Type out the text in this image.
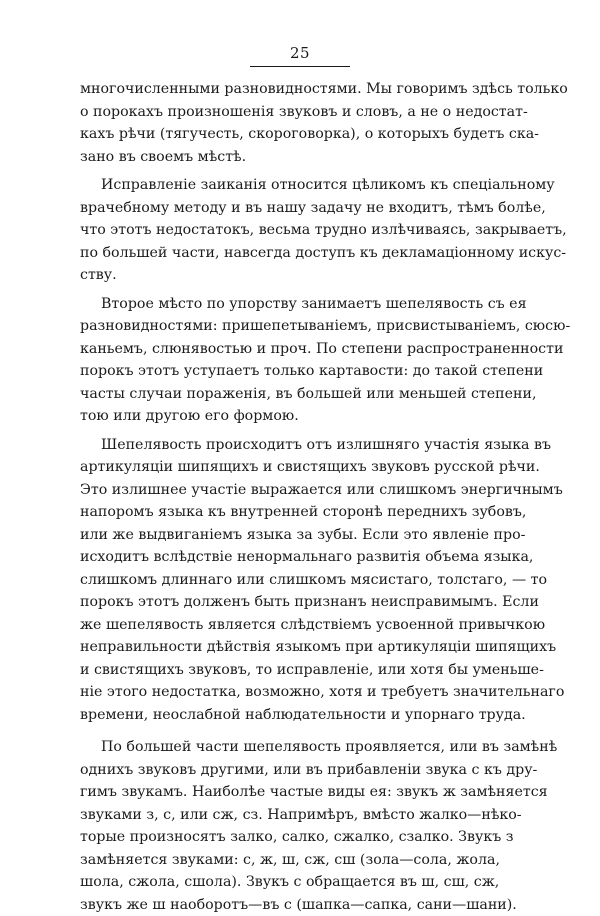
25
многочисленными разновидностями. Мы говоримъ здѣсь только
о порокахъ произношенія звуковъ и словъ, а не о недостат-
кахъ рѣчи (тягучесть, скороговорка), о которыхъ будетъ ска-
зано въ своемъ мѣстѣ.
Исправленіе заиканія относится цѣликомъ къ спеціальному
врачебному методу и въ нашу задачу не входитъ, тѣмъ болѣе,
что этотъ недостатокъ, весьма трудно излѣчиваясь, закрываетъ,
по большей части, навсегда доступъ къ декламаціонному искус-
ству.
Второе мѣсто по упорству занимаетъ шепелявость съ ея
разновидностями: пришепетываніемъ, присвистываніемъ, сюсю-
каньемъ, слюнявостью и проч. По степени распространенности
порокъ этотъ уступаетъ только картавости: до такой степени
часты случаи пораженія, въ большей или меньшей степени,
тою или другою его формою.
Шепелявость происходитъ отъ излишняго участія языка въ
артикуляціи шипящихъ и свистящихъ звуковъ русской рѣчи.
Это излишнее участіе выражается или слишкомъ энергичнымъ
напоромъ языка къ внутренней сторонѣ переднихъ зубовъ,
или же выдвиганіемъ языка за зубы. Если это явленіе про-
исходитъ вслѣдствіе ненормальнаго развитія объема языка,
слишкомъ длиннаго или слишкомъ мясистаго, толстаго, — то
порокъ этотъ долженъ быть признанъ неисправимымъ. Если
же шепелявость является слѣдствіемъ усвоенной привычкою
неправильности дѣйствія языкомъ при артикуляціи шипящихъ
и свистящихъ звуковъ, то исправленіе, или хотя бы уменьше-
ніе этого недостатка, возможно, хотя и требуетъ значительнаго
времени, неослабной наблюдательности и упорнаго труда.
По большей части шепелявость проявляется, или въ замѣнѣ
однихъ звуковъ другими, или въ прибавленіи звука с къ дру-
гимъ звукамъ. Наиболѣе частые виды ея: звукъ ж замѣняется
звуками з, с, или сж, сз. Напримѣръ, вмѣсто жалко—нѣко-
торые произносятъ залко, салко, сжалко, сзалко. Звукъ з
замѣняется звуками: с, ж, ш, сж, сш (зола—сола, жола,
шола, сжола, сшола). Звукъ с обращается въ ш, сш, сж,
звукъ же ш наоборотъ—въ с (шапка—сапка, сани—шани).
